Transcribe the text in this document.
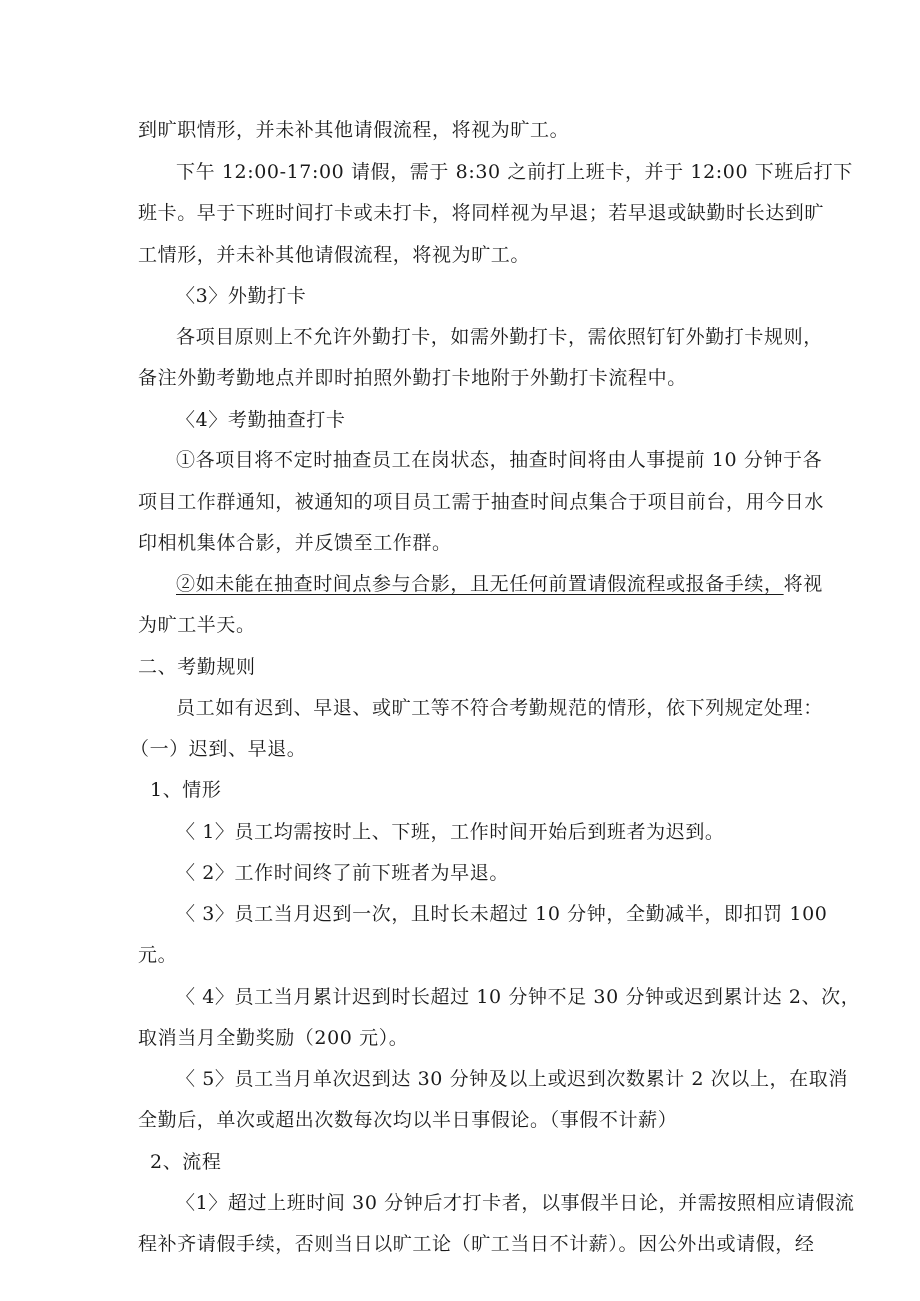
到旷职情形，并未补其他请假流程，将视为旷工。
下午 12:00-17:00 请假，需于 8:30 之前打上班卡，并于 12:00 下班后打下
班卡。早于下班时间打卡或未打卡，将同样视为早退；若早退或缺勤时长达到旷
工情形，并未补其他请假流程，将视为旷工。
〈3〉外勤打卡
各项目原则上不允许外勤打卡，如需外勤打卡，需依照钉钉外勤打卡规则，
备注外勤考勤地点并即时拍照外勤打卡地附于外勤打卡流程中。
〈4〉考勤抽查打卡
①各项目将不定时抽查员工在岗状态，抽查时间将由人事提前 10 分钟于各
项目工作群通知，被通知的项目员工需于抽查时间点集合于项目前台，用今日水
印相机集体合影，并反馈至工作群。
②如未能在抽查时间点参与合影，且无任何前置请假流程或报备手续，将视
为旷工半天。
二、考勤规则
员工如有迟到、早退、或旷工等不符合考勤规范的情形，依下列规定处理：
（一）迟到、早退。
1、情形
〈 1〉员工均需按时上、下班，工作时间开始后到班者为迟到。
〈 2〉工作时间终了前下班者为早退。
〈 3〉员工当月迟到一次，且时长未超过 10 分钟，全勤减半，即扣罚 100
元。
〈 4〉员工当月累计迟到时长超过 10 分钟不足 30 分钟或迟到累计达 2、次，
取消当月全勤奖励（200 元）。
〈 5〉员工当月单次迟到达 30 分钟及以上或迟到次数累计 2 次以上，在取消
全勤后，单次或超出次数每次均以半日事假论。（事假不计薪）
2、流程
〈1〉超过上班时间 30 分钟后才打卡者，以事假半日论，并需按照相应请假流
程补齐请假手续，否则当日以旷工论（旷工当日不计薪）。因公外出或请假，经
